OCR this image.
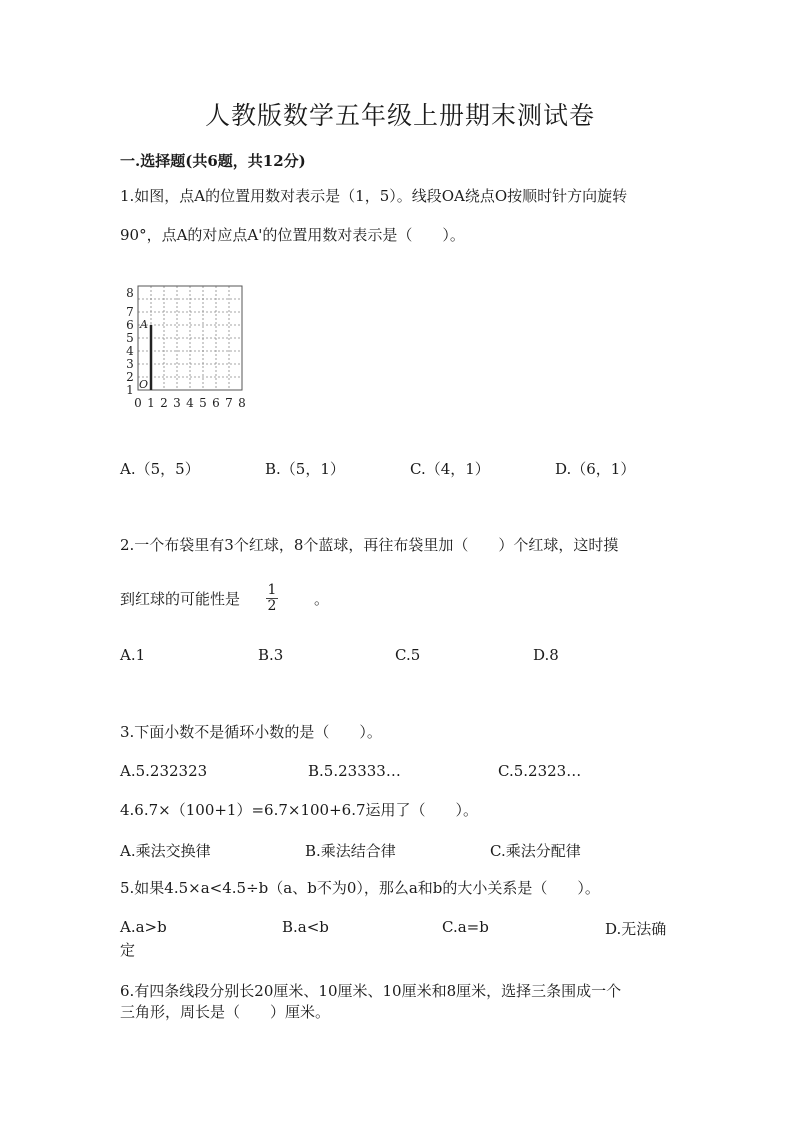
人教版数学五年级上册期末测试卷
一.选择题(共6题，共12分)
1.如图，点A的位置用数对表示是（1，5）。线段OA绕点O按顺时针方向旋转
90°，点A的对应点A'的位置用数对表示是（　　）。
1
2
3
4
5
6
7
8
0 1 2 3 4 5 6 7 8
A
O
A.（5，5）	B.（5，1）	C.（4，1）	D.（6，1）
2.一个布袋里有3个红球，8个蓝球，再往布袋里加（　　）个红球，这时摸
到红球的可能性是 $\frac{1}{2}$ 。
A.1	B.3	C.5	D.8
3.下面小数不是循环小数的是（　　）。
A.5.232323	B.5.23333…	C.5.2323…
4.6.7×（100+1）=6.7×100+6.7运用了（　　）。
A.乘法交换律	B.乘法结合律	C.乘法分配律
5.如果4.5×a<4.5÷b（a、b不为0），那么a和b的大小关系是（　　）。
A.a>b	B.a<b	C.a=b	D.无法确
定
6.有四条线段分别长20厘米、10厘米、10厘米和8厘米，选择三条围成一个
三角形，周长是（　　）厘米。
